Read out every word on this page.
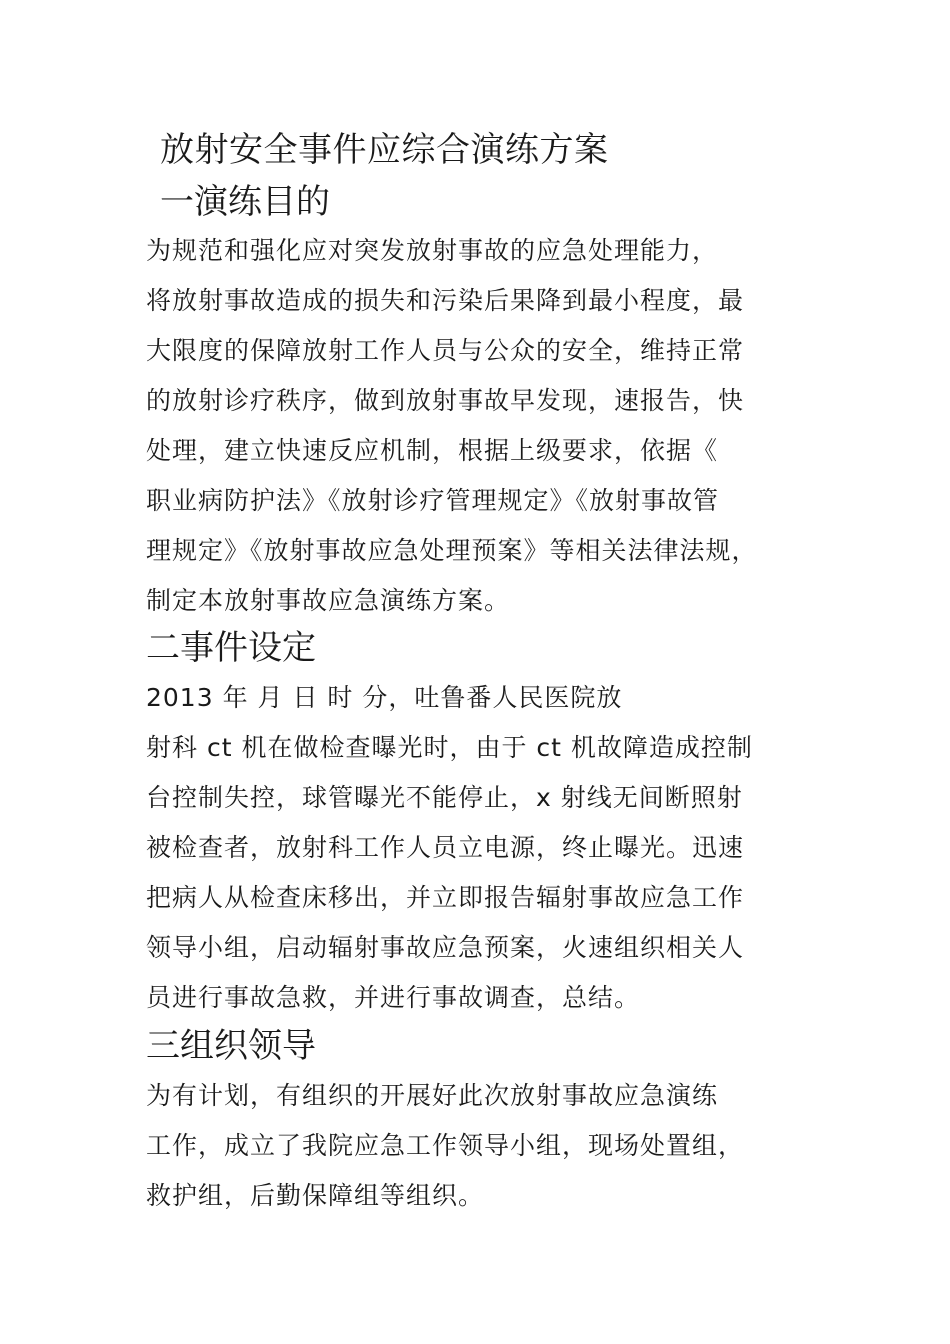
放射安全事件应综合演练方案
一演练目的
为规范和强化应对突发放射事故的应急处理能力，
将放射事故造成的损失和污染后果降到最小程度，最
大限度的保障放射工作人员与公众的安全，维持正常
的放射诊疗秩序，做到放射事故早发现，速报告，快
处理，建立快速反应机制，根据上级要求，依据《
职业病防护法》《放射诊疗管理规定》《放射事故管
理规定》《放射事故应急处理预案》等相关法律法规，
制定本放射事故应急演练方案。
二事件设定
2013 年 月 日 时 分，吐鲁番人民医院放
射科 ct 机在做检查曝光时，由于 ct 机故障造成控制
台控制失控，球管曝光不能停止，x 射线无间断照射
被检查者，放射科工作人员立电源，终止曝光。迅速
把病人从检查床移出，并立即报告辐射事故应急工作
领导小组，启动辐射事故应急预案，火速组织相关人
员进行事故急救，并进行事故调查，总结。
三组织领导
为有计划，有组织的开展好此次放射事故应急演练
工作，成立了我院应急工作领导小组，现场处置组，
救护组，后勤保障组等组织。
